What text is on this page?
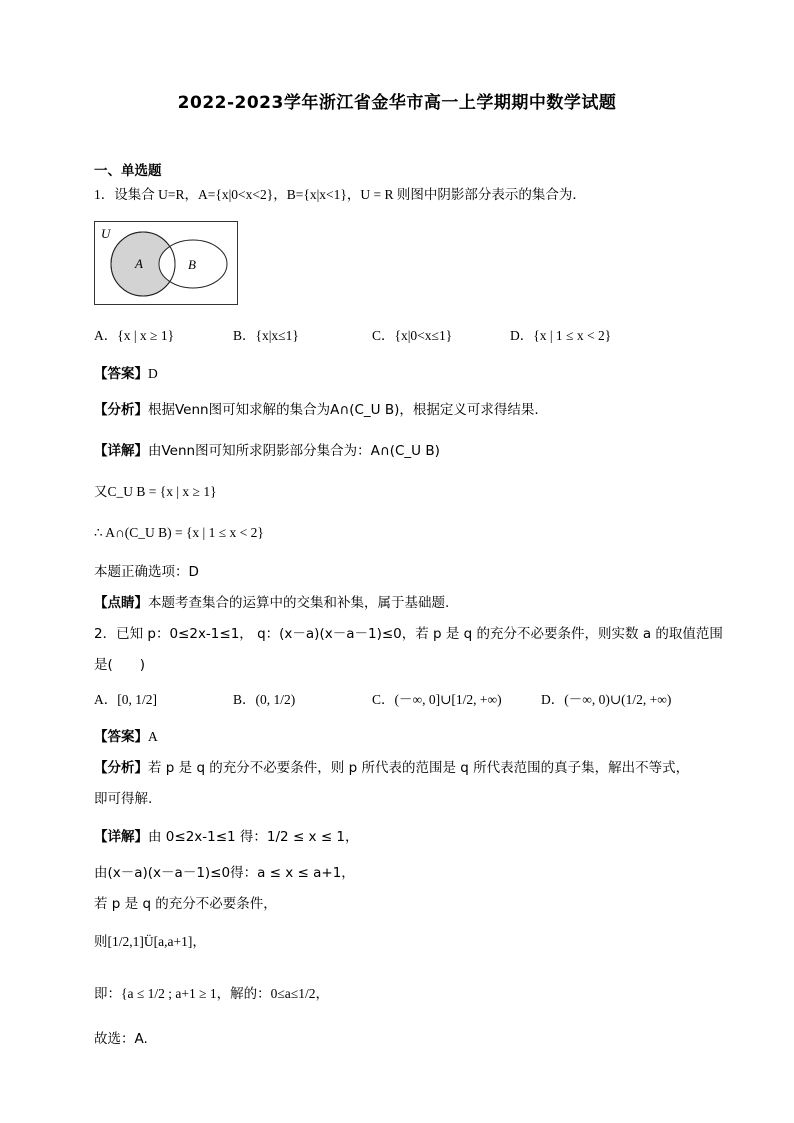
2022-2023学年浙江省金华市高一上学期期中数学试题
一、单选题
1．设集合 U=R，A={x|0<x<2}，B={x|x<1}，U = R 则图中阴影部分表示的集合为．
U
A	B
A．{x | x ≥ 1}	B．{x|x≤1}	C．{x|0<x≤1}	D．{x | 1 ≤ x < 2}
【答案】D
【分析】根据Venn图可知求解的集合为A∩(C_U B)，根据定义可求得结果.
【详解】由Venn图可知所求阴影部分集合为：A∩(C_U B)
又C_U B = {x | x ≥ 1}
∴ A∩(C_U B) = {x | 1 ≤ x < 2}
本题正确选项：D
【点睛】本题考查集合的运算中的交集和补集，属于基础题.
2．已知 p：0≤2x-1≤1， q：(x－a)(x－a－1)≤0，若 p 是 q 的充分不必要条件，则实数 a 的取值范围
是(　　)
A．[0, 1/2]	B．(0, 1/2)	C．(－∞, 0]∪[1/2, +∞)	D．(－∞, 0)∪(1/2, +∞)
【答案】A
【分析】若 p 是 q 的充分不必要条件，则 p 所代表的范围是 q 所代表范围的真子集，解出不等式，
即可得解.
【详解】由 0≤2x-1≤1 得：1/2 ≤ x ≤ 1，
由(x－a)(x－a－1)≤0得：a ≤ x ≤ a+1，
若 p 是 q 的充分不必要条件，
则[1/2,1]Ü[a,a+1]，
即：{a ≤ 1/2 ; a+1 ≥ 1，解的：0≤a≤1/2，
故选：A.
